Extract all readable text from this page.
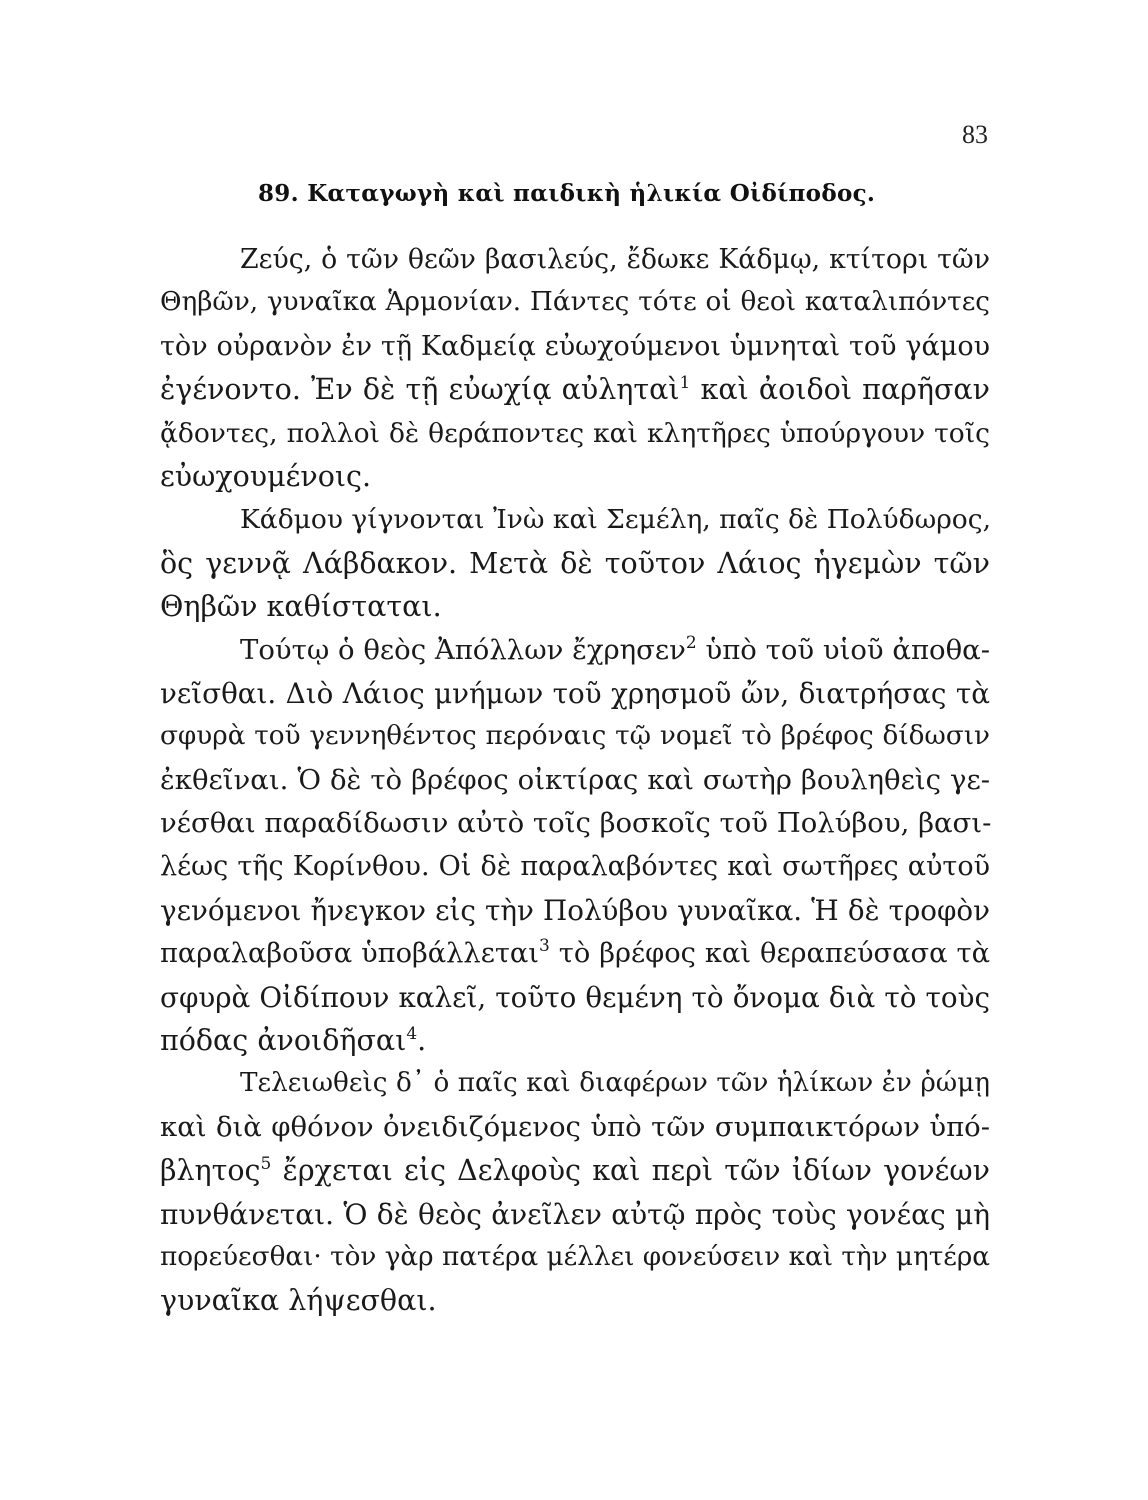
83
89. Καταγωγὴ καὶ παιδικὴ ἡλικία Οἰδίποδος.
Ζεύς, ὁ τῶν θεῶν βασιλεύς, ἔδωκε Κάδμῳ, κτίτορι τῶν
Θηβῶν, γυναῖκα Ἁρμονίαν. Πάντες τότε οἱ θεοὶ καταλιπόντες
τὸν οὐρανὸν ἐν τῇ Καδμείᾳ εὐωχούμενοι ὑμνηταὶ τοῦ γάμου
ἐγένοντο. Ἐν δὲ τῇ εὐωχίᾳ αὐληταὶ$^1$ καὶ ἀοιδοὶ παρῆσαν
ᾄδοντες, πολλοὶ δὲ θεράποντες καὶ κλητῆρες ὑπούργουν τοῖς
εὐωχουμένοις.
Κάδμου γίγνονται Ἰνὼ καὶ Σεμέλη, παῖς δὲ Πολύδωρος,
ὃς γεννᾷ Λάβδακον. Μετὰ δὲ τοῦτον Λάιος ἡγεμὼν τῶν
Θηβῶν καθίσταται.
Τούτῳ ὁ θεὸς Ἀπόλλων ἔχρησεν$^2$ ὑπὸ τοῦ υἱοῦ ἀποθα-
νεῖσθαι. Διὸ Λάιος μνήμων τοῦ χρησμοῦ ὤν, διατρήσας τὰ
σφυρὰ τοῦ γεννηθέντος περόναις τῷ νομεῖ τὸ βρέφος δίδωσιν
ἐκθεῖναι. Ὁ δὲ τὸ βρέφος οἰκτίρας καὶ σωτὴρ βουληθεὶς γε-
νέσθαι παραδίδωσιν αὐτὸ τοῖς βοσκοῖς τοῦ Πολύβου, βασι-
λέως τῆς Κορίνθου. Οἱ δὲ παραλαβόντες καὶ σωτῆρες αὐτοῦ
γενόμενοι ἤνεγκον εἰς τὴν Πολύβου γυναῖκα. Ἡ δὲ τροφὸν
παραλαβοῦσα ὑποβάλλεται$^3$ τὸ βρέφος καὶ θεραπεύσασα τὰ
σφυρὰ Οἰδίπουν καλεῖ, τοῦτο θεμένη τὸ ὄνομα διὰ τὸ τοὺς
πόδας ἀνοιδῆσαι$^4$.
Τελειωθεὶς δ᾽ ὁ παῖς καὶ διαφέρων τῶν ἡλίκων ἐν ῥώμῃ
καὶ διὰ φθόνον ὀνειδιζόμενος ὑπὸ τῶν συμπαικτόρων ὑπό-
βλητος$^5$ ἔρχεται εἰς Δελφοὺς καὶ περὶ τῶν ἰδίων γονέων
πυνθάνεται. Ὁ δὲ θεὸς ἀνεῖλεν αὐτῷ πρὸς τοὺς γονέας μὴ
πορεύεσθαι· τὸν γὰρ πατέρα μέλλει φονεύσειν καὶ τὴν μητέρα
γυναῖκα λήψεσθαι.
